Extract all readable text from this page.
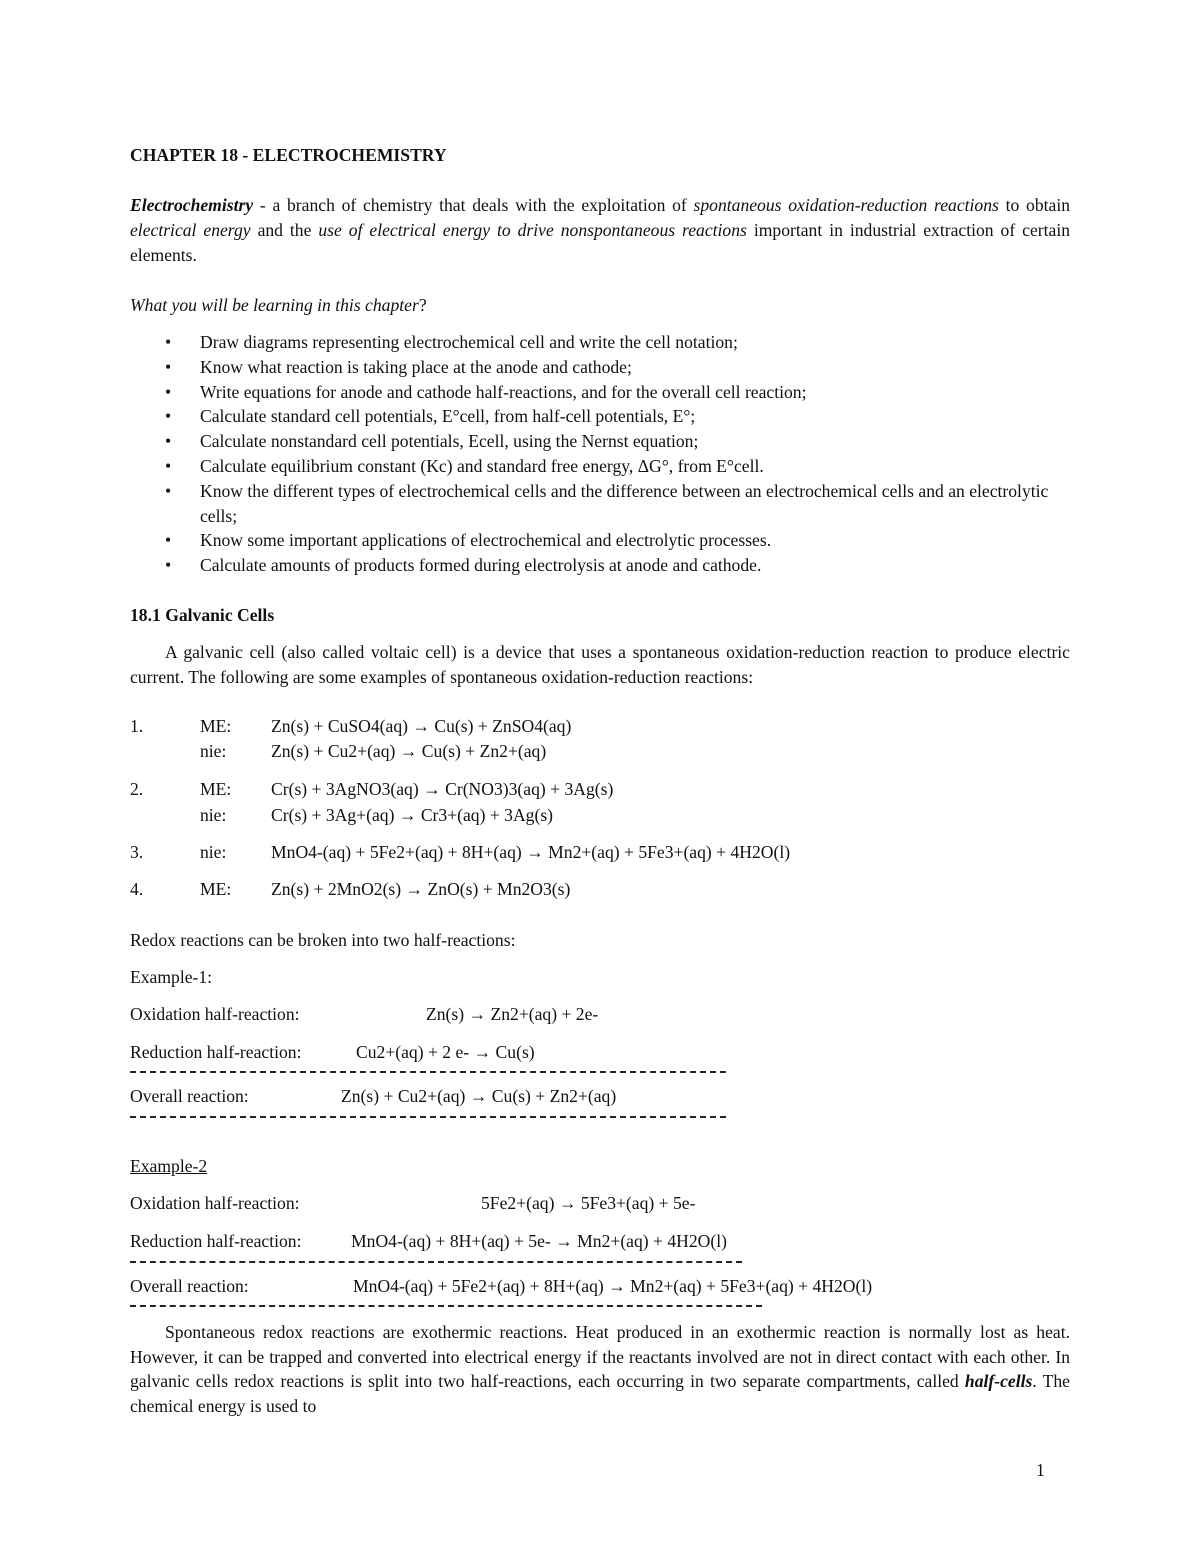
CHAPTER 18 - ELECTROCHEMISTRY

Electrochemistry - a branch of chemistry that deals with the exploitation of spontaneous oxidation-reduction reactions to obtain electrical energy and the use of electrical energy to drive nonspontaneous reactions important in industrial extraction of certain elements.

What you will be learning in this chapter?

• Draw diagrams representing electrochemical cell and write the cell notation;
• Know what reaction is taking place at the anode and cathode;
• Write equations for anode and cathode half-reactions, and for the overall cell reaction;
• Calculate standard cell potentials, E°cell, from half-cell potentials, E°;
• Calculate nonstandard cell potentials, Ecell, using the Nernst equation;
• Calculate equilibrium constant (Kc) and standard free energy, ΔG°, from E°cell.
• Know the different types of electrochemical cells and the difference between an electrochemical cells and an electrolytic cells;
• Know some important applications of electrochemical and electrolytic processes.
• Calculate amounts of products formed during electrolysis at anode and cathode.
18.1 Galvanic Cells

A galvanic cell (also called voltaic cell) is a device that uses a spontaneous oxidation-reduction reaction to produce electric current. The following are some examples of spontaneous oxidation-reduction reactions:

1.	ME: Zn(s) + CuSO4(aq) → Cu(s) + ZnSO4(aq)
nie:	Zn(s) + Cu2+(aq) → Cu(s) + Zn2+(aq)
2.	ME: Cr(s) + 3AgNO3(aq) → Cr(NO3)3(aq) + 3Ag(s)
nie:	Cr(s) + 3Ag+(aq) → Cr3+(aq) + 3Ag(s)
3.	nie:	MnO4-(aq) + 5Fe2+(aq) + 8H+(aq) → Mn2+(aq) + 5Fe3+(aq) + 4H2O(l)
4.	ME: Zn(s) + 2MnO2(s) → ZnO(s) + Mn2O3(s)
Redox reactions can be broken into two half-reactions:
Example-1:
Oxidation half-reaction:	Zn(s) → Zn2+(aq) + 2e-
Reduction half-reaction:	Cu2+(aq) + 2 e- → Cu(s)
Overall reaction:	Zn(s) + Cu2+(aq) → Cu(s) + Zn2+(aq)
Example-2
Oxidation half-reaction:	5Fe2+(aq) → 5Fe3+(aq) + 5e-
Reduction half-reaction:	MnO4-(aq) + 8H+(aq) + 5e- → Mn2+(aq) + 4H2O(l)
Overall reaction:	MnO4-(aq) + 5Fe2+(aq) + 8H+(aq) → Mn2+(aq) + 5Fe3+(aq) + 4H2O(l)

Spontaneous redox reactions are exothermic reactions. Heat produced in an exothermic reaction is normally lost as heat. However, it can be trapped and converted into electrical energy if the reactants involved are not in direct contact with each other. In galvanic cells redox reactions is split into two half-reactions, each occurring in two separate compartments, called half-cells. The chemical energy is used to

1
